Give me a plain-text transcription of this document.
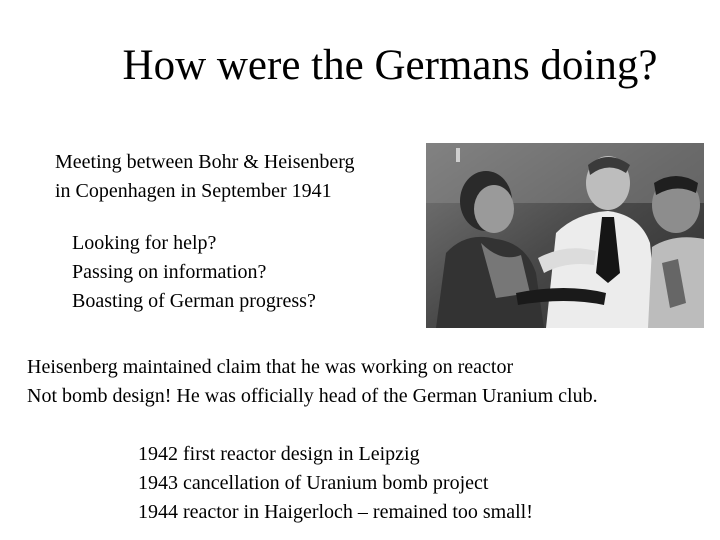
How were the Germans doing?
Meeting between Bohr & Heisenberg
in Copenhagen in September 1941
Looking for help?
Passing on information?
Boasting of German progress?
Heisenberg maintained claim that he was working on reactor
Not bomb design! He was officially head of the German Uranium club.
1942 first reactor design in Leipzig
1943 cancellation of Uranium bomb project
1944 reactor in Haigerloch – remained too small!
